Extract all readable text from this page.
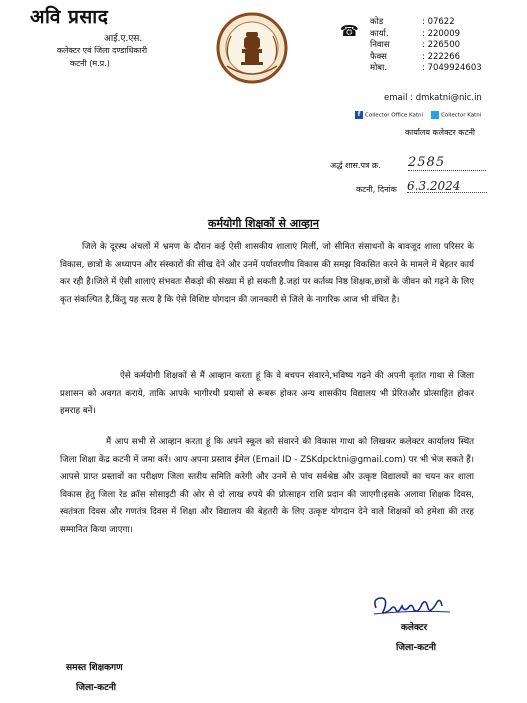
अवि प्रसाद
आई.ए.एस.
कलेक्टर एवं जिला दण्डाधिकारी
कटनी (म.प्र.)
☎ कोड	: 07622
कार्या.	: 220009
निवास	: 226500
फैक्स	: 222266
मोबा.	: 7049924603
email : dmkatni@nic.in
f Collector Office Katni	Collector Katni
कार्यालय कलेक्टर कटनी
अर्द्ध शास.पत्र क्र. 2585
कटनी, दिनांक 6.3.2024
कर्मयोगी शिक्षकों से आव्हान
जिले के दूरस्थ अंचलों में भ्रमण के दौरान कई ऐसी शासकीय शालाएं मिलीं, जो सीमित संसाधनों के बावजूद शाला परिसर के विकास, छात्रों के अध्यापन और संस्कारों की सीख देने और उनमें पर्यावरणीय विकास की समझ विकसित करने के मामले में बेहतर कार्य कर रही है।जिले में ऐसी शालाएं संभवतः सैकड़ो की संख्या में हो सकती है.जहां पर कर्तव्य निष्ठ शिक्षक,छात्रों के जीवन को गढ़ने के लिए कृत संकल्पित है,किंतु यह सत्य है कि ऐसे विशिष्ट योगदान की जानकारी से जिले के नागरिक आज भी वंचित है।
ऐसे कर्मयोगी शिक्षकों से मैं आव्हान करता हूं कि वे बचपन संवारने,भविष्य गढ़ने की अपनी वृतांत गाथा से जिला प्रशासन को अवगत कराये, ताकि आपके भागीरथी प्रयासों से रूबरू होकर अन्य शासकीय विद्यालय भी प्रेरितऔर प्रोत्साहित होकर हमराह बनें।
मैं आप सभी से आव्हान करता हूं कि अपने स्कूल को संवारने की विकास गाथा को लिखकर कलेक्टर कार्यालय स्थित जिला शिक्षा केंद्र कटनी में जमा करें। आप अपना प्रस्ताव ईमेल (Email ID - ZSKdpcktni@gmail.com) पर भी भेज सकते हैं। आपसे प्राप्त प्रस्तावों का परीक्षण जिला स्तरीय समिति करेगी और उनमें से पांच सर्वश्रेष्ठ और उत्कृष्ट विद्यालयों का चयन कर शाला विकास हेतु जिला रेड क्रॉस सोसाइटी की ओर से दो लाख रुपये की प्रोत्साहन राशि प्रदान की जाएगी।इसके अलावा शिक्षक दिवस, स्वतंत्रता दिवस और गणतंत्र दिवस में शिक्षा और विद्यालय की बेहतरी के लिए उत्कृष्ट योगदान देने वाले शिक्षकों को हमेशा की तरह सम्मानित किया जाएगा।
कलेक्टर
जिला-कटनी
समस्त शिक्षकगण
जिला-कटनी
